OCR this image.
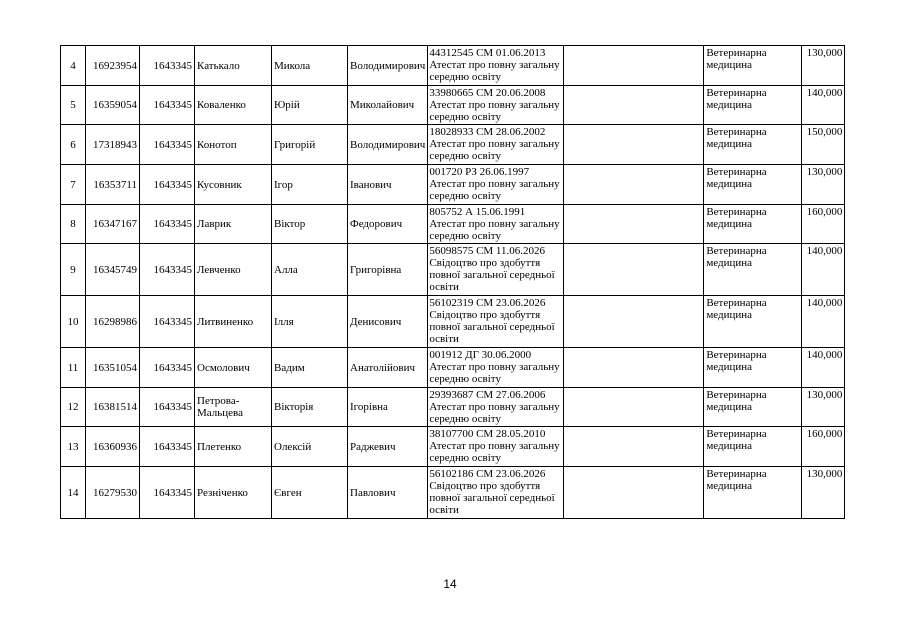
4	16923954	1643345	Катькало	Микола	Володимирович	44312545 СМ 01.06.2013 Атестат про повну загальну середню освіту		Ветеринарна медицина	130,000
5	16359054	1643345	Коваленко	Юрій	Миколайович	33980665 СМ 20.06.2008 Атестат про повну загальну середню освіту		Ветеринарна медицина	140,000
6	17318943	1643345	Конотоп	Григорій	Володимирович	18028933 СМ 28.06.2002 Атестат про повну загальну середню освіту		Ветеринарна медицина	150,000
7	16353711	1643345	Кусовник	Ігор	Іванович	001720 РЗ 26.06.1997 Атестат про повну загальну середню освіту		Ветеринарна медицина	130,000
8	16347167	1643345	Лаврик	Віктор	Федорович	805752 А 15.06.1991 Атестат про повну загальну середню освіту		Ветеринарна медицина	160,000
9	16345749	1643345	Левченко	Алла	Григорівна	56098575 СМ 11.06.2026 Свідоцтво про здобуття повної загальної середньої освіти		Ветеринарна медицина	140,000
10	16298986	1643345	Литвиненко	Ілля	Денисович	56102319 СМ 23.06.2026 Свідоцтво про здобуття повної загальної середньої освіти		Ветеринарна медицина	140,000
11	16351054	1643345	Осмолович	Вадим	Анатолійович	001912 ДГ 30.06.2000 Атестат про повну загальну середню освіту		Ветеринарна медицина	140,000
12	16381514	1643345	Петрова-Мальцева	Вікторія	Ігорівна	29393687 СМ 27.06.2006 Атестат про повну загальну середню освіту		Ветеринарна медицина	130,000
13	16360936	1643345	Плетенко	Олексій	Раджевич	38107700 СМ 28.05.2010 Атестат про повну загальну середню освіту		Ветеринарна медицина	160,000
14	16279530	1643345	Резніченко	Євген	Павлович	56102186 СМ 23.06.2026 Свідоцтво про здобуття повної загальної середньої освіти		Ветеринарна медицина	130,000
14
